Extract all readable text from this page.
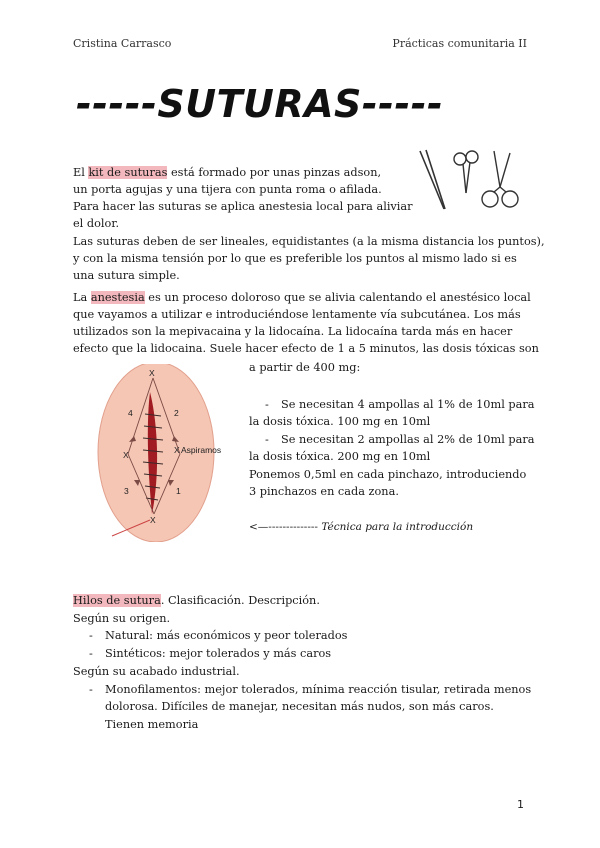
Cristina Carrasco	Prácticas comunitaria II
-----SUTURAS-----
El kit de suturas está formado por unas pinzas adson,
un porta agujas y una tijera con punta roma o afilada.
Para hacer las suturas se aplica anestesia local para aliviar
el dolor.
Las suturas deben de ser lineales, equidistantes (a la misma distancia los puntos),
y con la misma tensión por lo que es preferible los puntos al mismo lado si es
una sutura simple.
La anestesia es un proceso doloroso que se alivia calentando el anestésico local
que vayamos a utilizar e introduciéndose lentamente vía subcutánea. Los más
utilizados son la mepivacaina y la lidocaína. La lidocaína tarda más en hacer
efecto que la lidocaina. Suele hacer efecto de 1 a 5 minutos, las dosis tóxicas son
a partir de 400 mg:
X
X	X
X
4	2
3	1
Aspiramos
- Se necesitan 4 ampollas al 1% de 10ml para
la dosis tóxica. 100 mg en 10ml
- Se necesitan 2 ampollas al 2% de 10ml para
la dosis tóxica. 200 mg en 10ml
Ponemos 0,5ml en cada pinchazo, introduciendo
3 pinchazos en cada zona.
<—-------------- Técnica para la introducción
Hilos de sutura. Clasificación. Descripción.
Según su origen.
- Natural: más económicos y peor tolerados
- Sintéticos: mejor tolerados y más caros
Según su acabado industrial.
- Monofilamentos: mejor tolerados, mínima reacción tisular, retirada menos
dolorosa. Difíciles de manejar, necesitan más nudos, son más caros.
Tienen memoria
1
